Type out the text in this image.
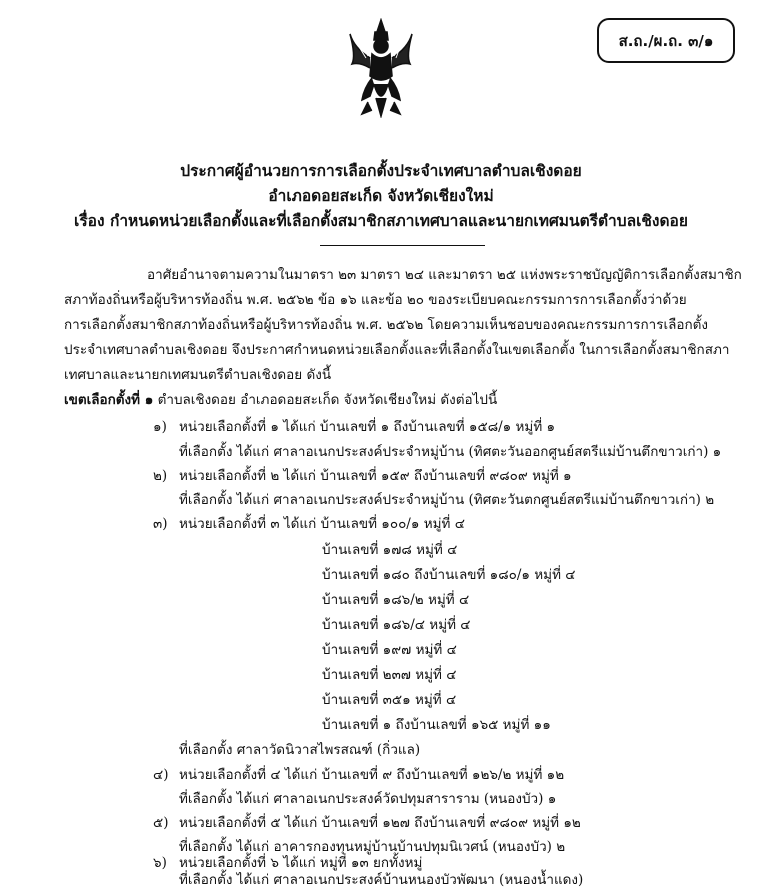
ส.ถ./ผ.ถ. ๓/๑
ประกาศผู้อำนวยการการเลือกตั้งประจำเทศบาลตำบลเชิงดอย
อำเภอดอยสะเก็ด จังหวัดเชียงใหม่
เรื่อง กำหนดหน่วยเลือกตั้งและที่เลือกตั้งสมาชิกสภาเทศบาลและนายกเทศมนตรีตำบลเชิงดอย
อาศัยอำนาจตามความในมาตรา ๒๓ มาตรา ๒๔ และมาตรา ๒๕ แห่งพระราชบัญญัติการเลือกตั้งสมาชิก
สภาท้องถิ่นหรือผู้บริหารท้องถิ่น พ.ศ. ๒๕๖๒ ข้อ ๑๖ และข้อ ๒๐ ของระเบียบคณะกรรมการการเลือกตั้งว่าด้วย
การเลือกตั้งสมาชิกสภาท้องถิ่นหรือผู้บริหารท้องถิ่น พ.ศ. ๒๕๖๒ โดยความเห็นชอบของคณะกรรมการการเลือกตั้ง
ประจำเทศบาลตำบลเชิงดอย จึงประกาศกำหนดหน่วยเลือกตั้งและที่เลือกตั้งในเขตเลือกตั้ง ในการเลือกตั้งสมาชิกสภา
เทศบาลและนายกเทศมนตรีตำบลเชิงดอย ดังนี้
เขตเลือกตั้งที่ ๑ ตำบลเชิงดอย อำเภอดอยสะเก็ด จังหวัดเชียงใหม่ ดังต่อไปนี้
๑) หน่วยเลือกตั้งที่ ๑ ได้แก่ บ้านเลขที่ ๑ ถึงบ้านเลขที่ ๑๕๘/๑ หมู่ที่ ๑
ที่เลือกตั้ง ได้แก่ ศาลาอเนกประสงค์ประจำหมู่บ้าน (ทิศตะวันออกศูนย์สตรีแม่บ้านตึกขาวเก่า) ๑
๒) หน่วยเลือกตั้งที่ ๒ ได้แก่ บ้านเลขที่ ๑๕๙ ถึงบ้านเลขที่ ๙๘๐๙ หมู่ที่ ๑
ที่เลือกตั้ง ได้แก่ ศาลาอเนกประสงค์ประจำหมู่บ้าน (ทิศตะวันตกศูนย์สตรีแม่บ้านตึกขาวเก่า) ๒
๓) หน่วยเลือกตั้งที่ ๓ ได้แก่ บ้านเลขที่ ๑๐๐/๑ หมู่ที่ ๔
บ้านเลขที่ ๑๗๘ หมู่ที่ ๔
บ้านเลขที่ ๑๘๐ ถึงบ้านเลขที่ ๑๘๐/๑ หมู่ที่ ๔
บ้านเลขที่ ๑๘๖/๒ หมู่ที่ ๔
บ้านเลขที่ ๑๘๖/๔ หมู่ที่ ๔
บ้านเลขที่ ๑๙๗ หมู่ที่ ๔
บ้านเลขที่ ๒๓๗ หมู่ที่ ๔
บ้านเลขที่ ๓๕๑ หมู่ที่ ๔
บ้านเลขที่ ๑ ถึงบ้านเลขที่ ๑๖๕ หมู่ที่ ๑๑
ที่เลือกตั้ง ศาลาวัดนิวาสไพรสณฑ์ (กิ่วแล)
๔) หน่วยเลือกตั้งที่ ๔ ได้แก่ บ้านเลขที่ ๙ ถึงบ้านเลขที่ ๑๒๖/๒ หมู่ที่ ๑๒
ที่เลือกตั้ง ได้แก่ ศาลาอเนกประสงค์วัดปทุมสาราราม (หนองบัว) ๑
๕) หน่วยเลือกตั้งที่ ๕ ได้แก่ บ้านเลขที่ ๑๒๗ ถึงบ้านเลขที่ ๙๘๐๙ หมู่ที่ ๑๒
ที่เลือกตั้ง ได้แก่ อาคารกองทุนหมู่บ้านบ้านปทุมนิเวศน์ (หนองบัว) ๒
๖) หน่วยเลือกตั้งที่ ๖ ได้แก่ หมู่ที่ ๑๓ ยกทั้งหมู่
ที่เลือกตั้ง ได้แก่ ศาลาอเนกประสงค์บ้านหนองบัวพัฒนา (หนองน้ำแดง)
